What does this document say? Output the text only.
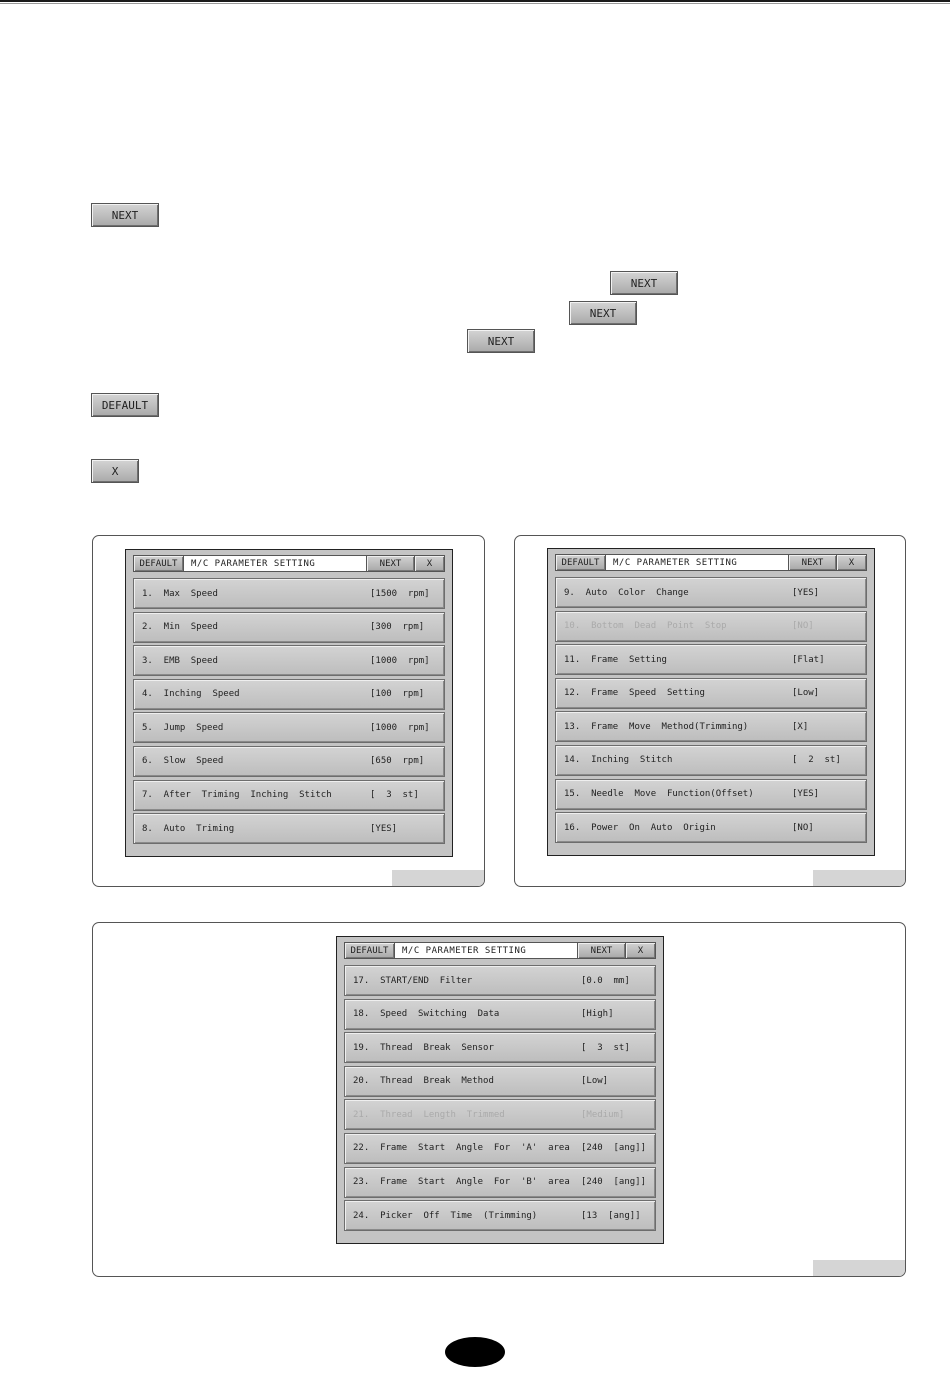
NEXT
NEXT
NEXT
NEXT
DEFAULT
X
DEFAULT	M/C PARAMETER SETTING	NEXT	X
1.  Max  Speed	[1500  rpm]
2.  Min  Speed	[300  rpm]
3.  EMB  Speed	[1000  rpm]
4.  Inching  Speed	[100  rpm]
5.  Jump  Speed	[1000  rpm]
6.  Slow  Speed	[650  rpm]
7.  After  Triming  Inching  Stitch	[  3  st]
8.  Auto  Triming	[YES]
DEFAULT	M/C PARAMETER SETTING	NEXT	X
9.  Auto  Color  Change	[YES]
10.  Bottom  Dead  Point  Stop	[NO]
11.  Frame  Setting	[Flat]
12.  Frame  Speed  Setting	[Low]
13.  Frame  Move  Method(Trimming)	[X]
14.  Inching  Stitch	[  2  st]
15.  Needle  Move  Function(Offset)	[YES]
16.  Power  On  Auto  Origin	[NO]
DEFAULT	M/C PARAMETER SETTING	NEXT	X
17.  START/END  Filter	[0.0  mm]
18.  Speed  Switching  Data	[High]
19.  Thread  Break  Sensor	[  3  st]
20.  Thread  Break  Method	[Low]
21.  Thread  Length  Trimmed	[Medium]
22.  Frame  Start  Angle  For  'A'  area [240  [ang]]
23.  Frame  Start  Angle  For  'B'  area [240  [ang]]
24.  Picker  Off  Time  (Trimming)	[13  [ang]]
